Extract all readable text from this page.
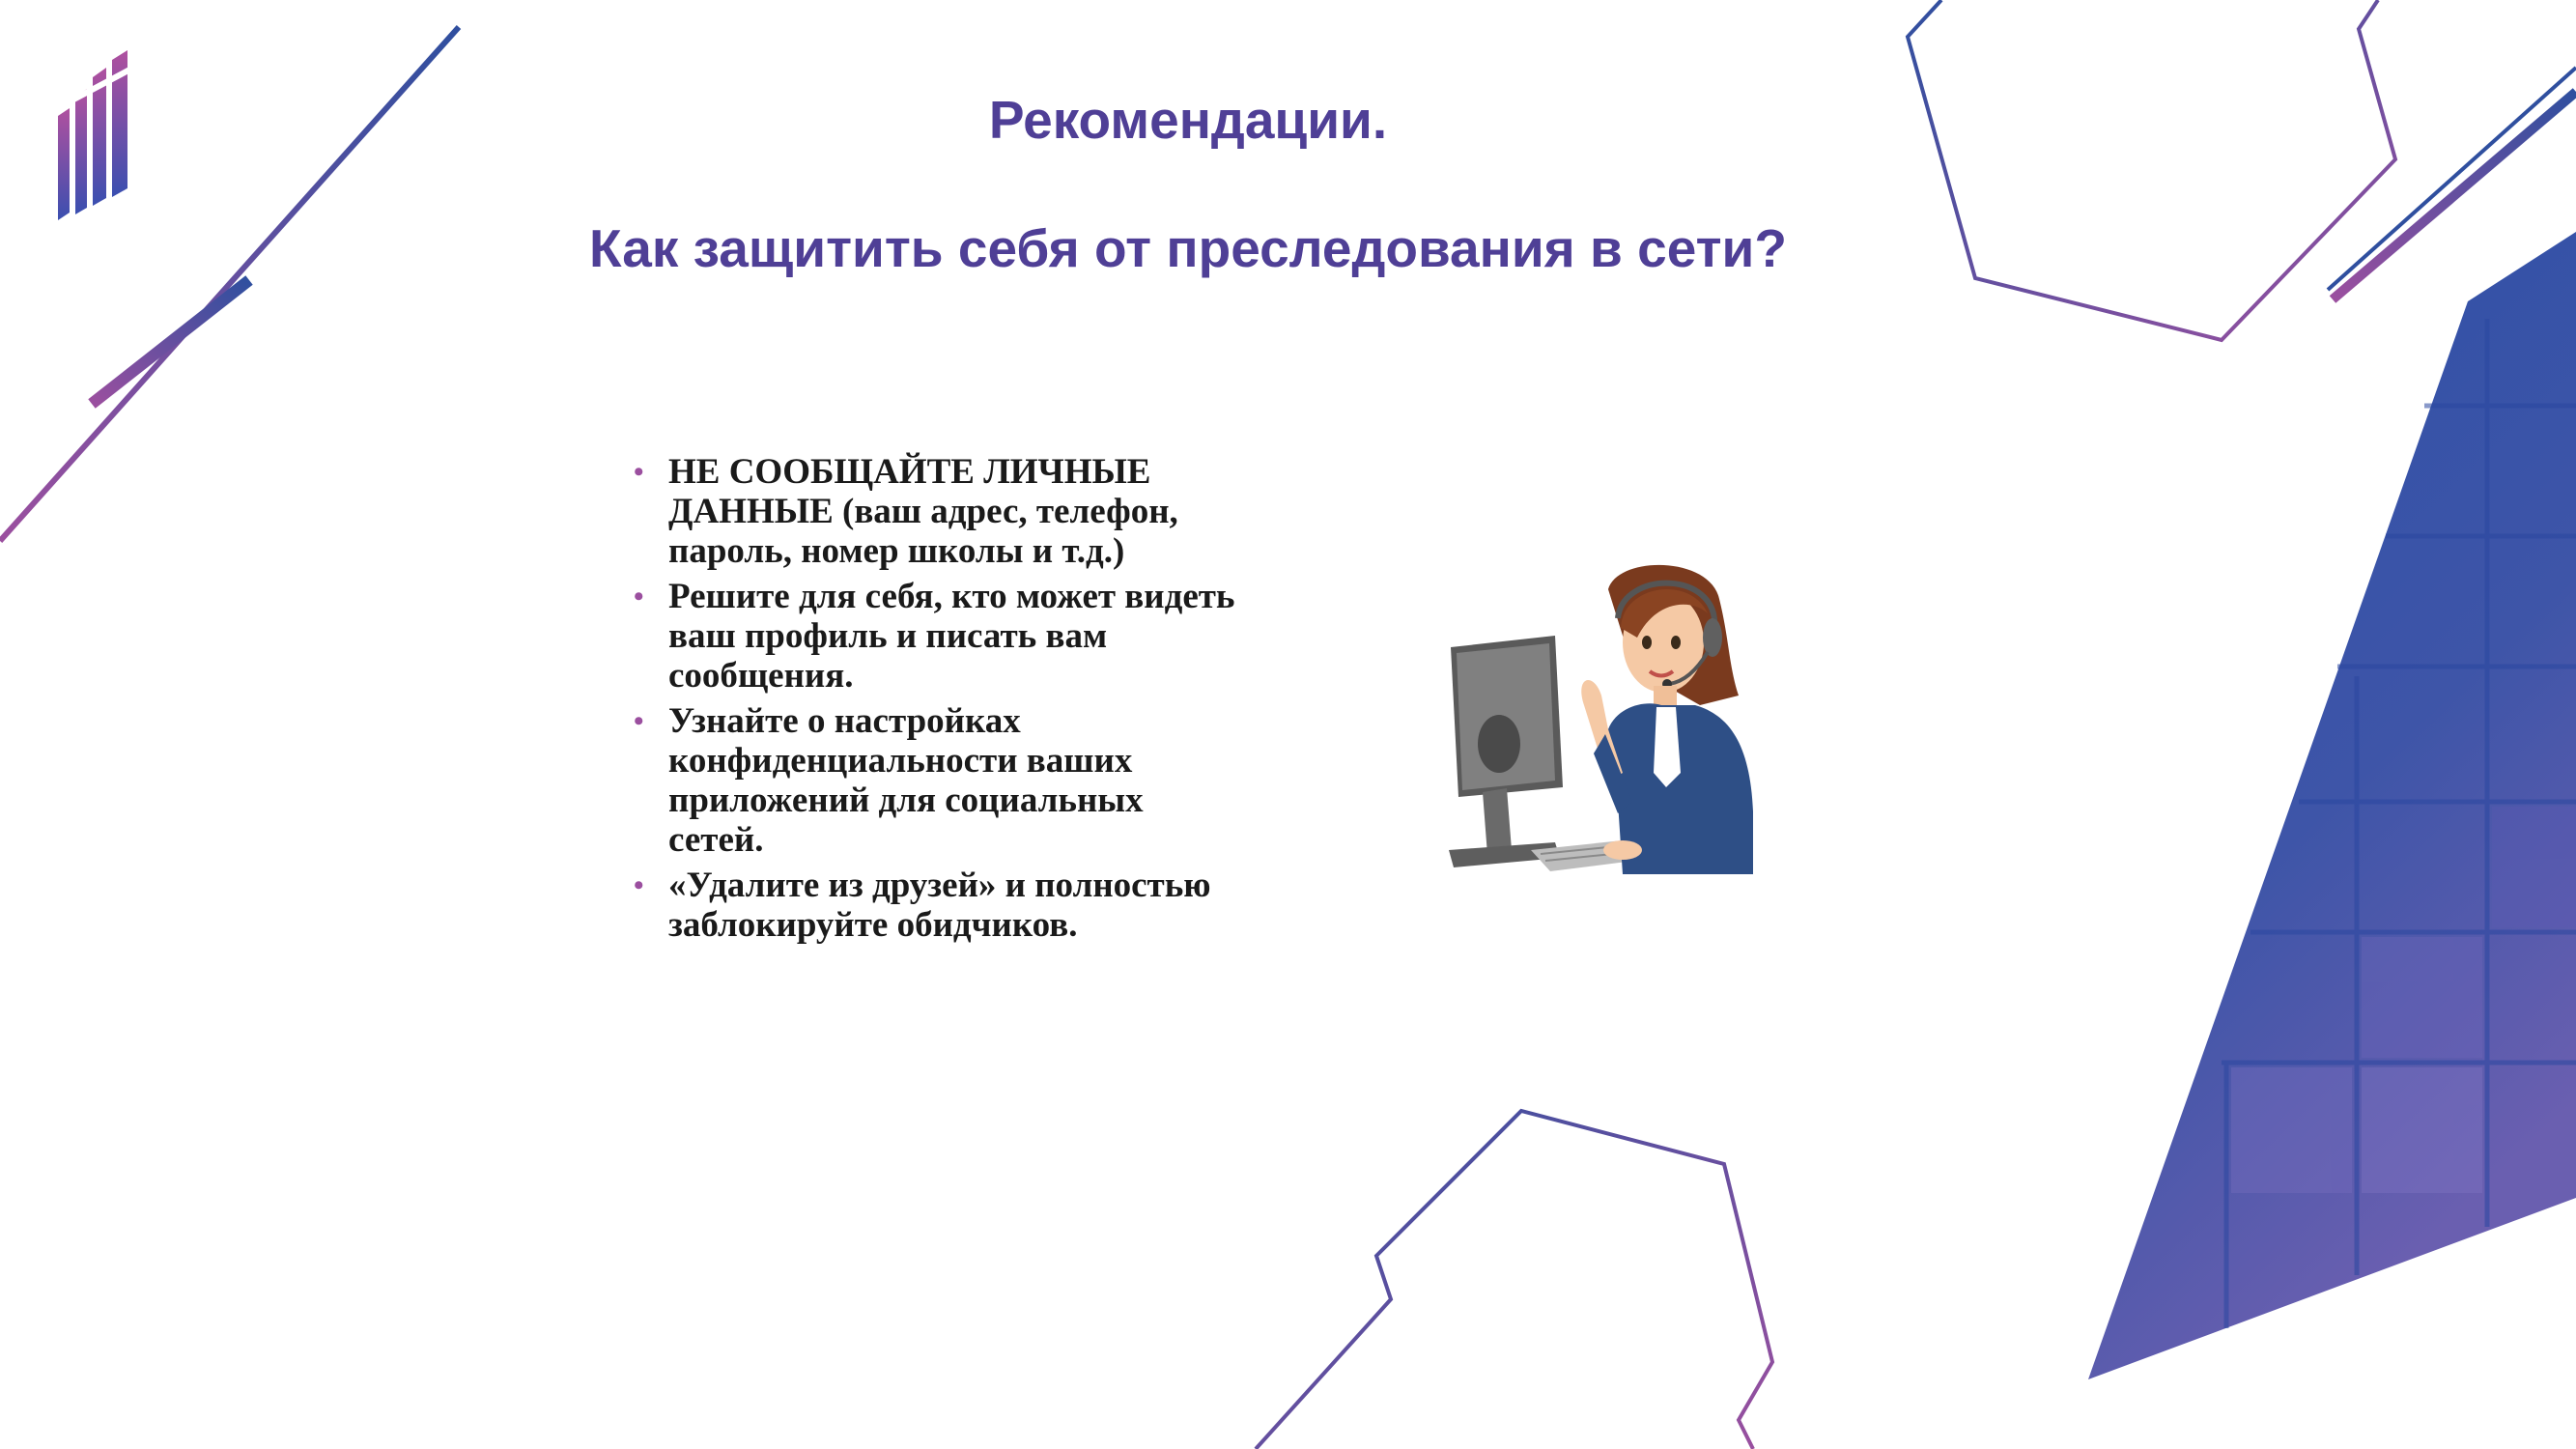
Рекомендации.
Как защитить себя от преследования в сети?
• НЕ СООБЩАЙТЕ ЛИЧНЫЕ ДАННЫЕ (ваш адрес, телефон, пароль, номер школы и т.д.)
• Решите для себя, кто может видеть ваш профиль и писать вам сообщения.
• Узнайте о настройках конфиденциальности ваших приложений для социальных сетей.
• «Удалите из друзей» и полностью заблокируйте обидчиков.
